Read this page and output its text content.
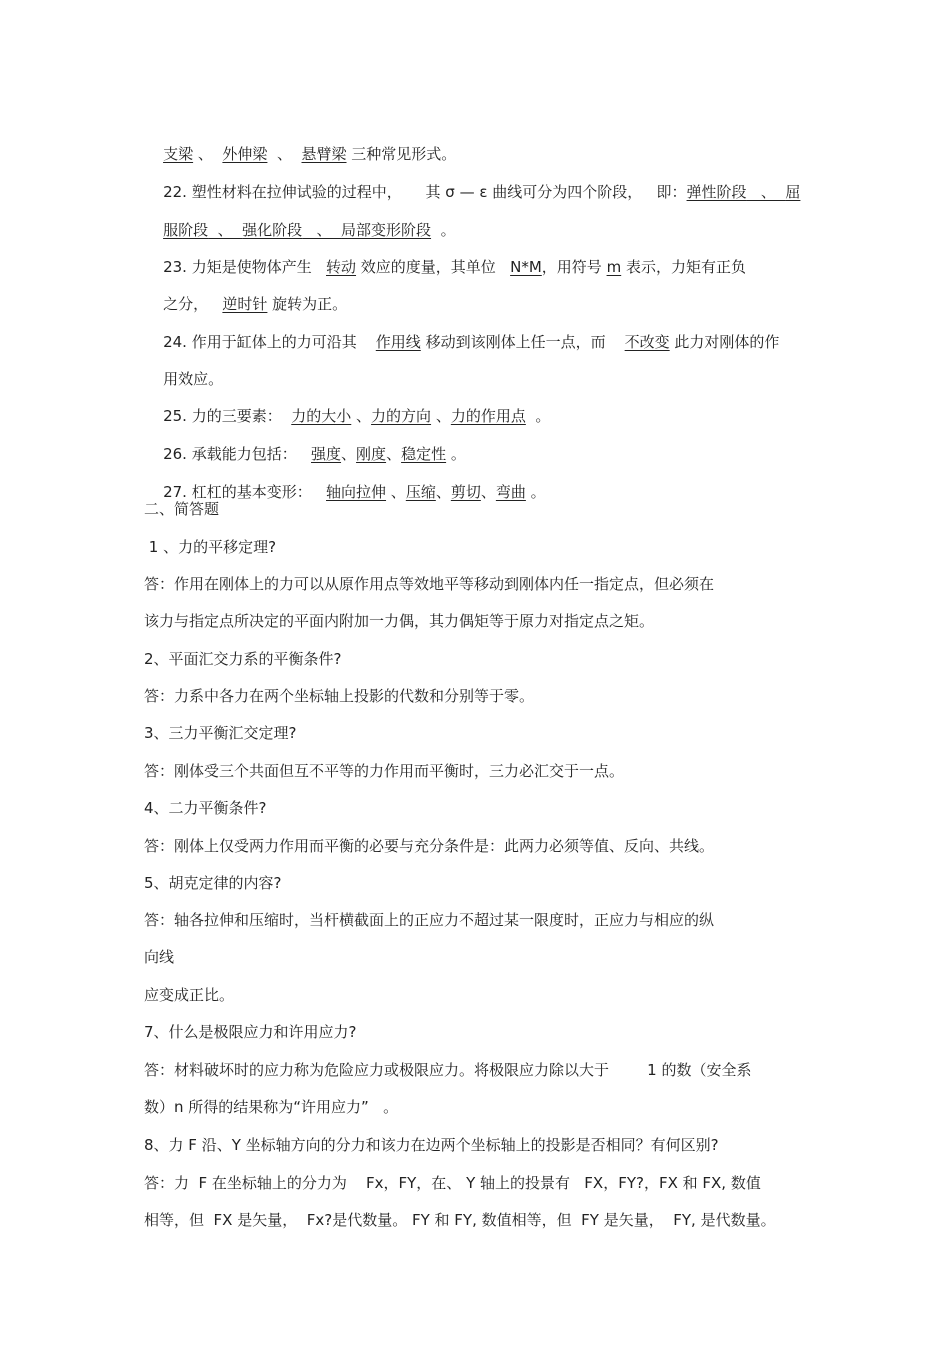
支梁 、  外伸梁  、  悬臂梁 三种常见形式。

22. 塑性材料在拉伸试验的过程中，     其 σ — ε 曲线可分为四个阶段，   即：弹性阶段   、  屈

服阶段  、  强化阶段   、  局部变形阶段  。

23. 力矩是使物体产生   转动 效应的度量，其单位   N*M，用符号 m 表示，力矩有正负

之分，   逆时针 旋转为正。

24. 作用于缸体上的力可沿其    作用线 移动到该刚体上任一点，而    不改变 此力对刚体的作

用效应。

25. 力的三要素：  力的大小 、力的方向 、力的作用点  。

26. 承载能力包括：   强度、刚度、稳定性 。

27. 杠杠的基本变形：   轴向拉伸 、压缩、剪切、弯曲 。

二、简答题
1 、力的平移定理?
答：作用在刚体上的力可以从原作用点等效地平等移动到刚体内任一指定点，但必须在
该力与指定点所决定的平面内附加一力偶，其力偶矩等于原力对指定点之矩。
2、平面汇交力系的平衡条件?
答：力系中各力在两个坐标轴上投影的代数和分别等于零。
3、三力平衡汇交定理?
答：刚体受三个共面但互不平等的力作用而平衡时，三力必汇交于一点。
4、二力平衡条件?
答：刚体上仅受两力作用而平衡的必要与充分条件是：此两力必须等值、反向、共线。
5、胡克定律的内容?
答：轴各拉伸和压缩时，当杆横截面上的正应力不超过某一限度时，正应力与相应的纵
向线
应变成正比。
7、什么是极限应力和许用应力?
答：材料破坏时的应力称为危险应力或极限应力。将极限应力除以大于        1 的数（安全系
数）n 所得的结果称为“许用应力”   。
8、力 F 沿、Y 坐标轴方向的分力和该力在边两个坐标轴上的投影是否相同？有何区别?
答：力  F 在坐标轴上的分力为    Fx，FY，在、 Y 轴上的投景有   FX，FY?，FX 和 FX, 数值
相等，但  FX 是矢量，  Fx?是代数量。 FY 和 FY, 数值相等，但  FY 是矢量，  FY, 是代数量。
